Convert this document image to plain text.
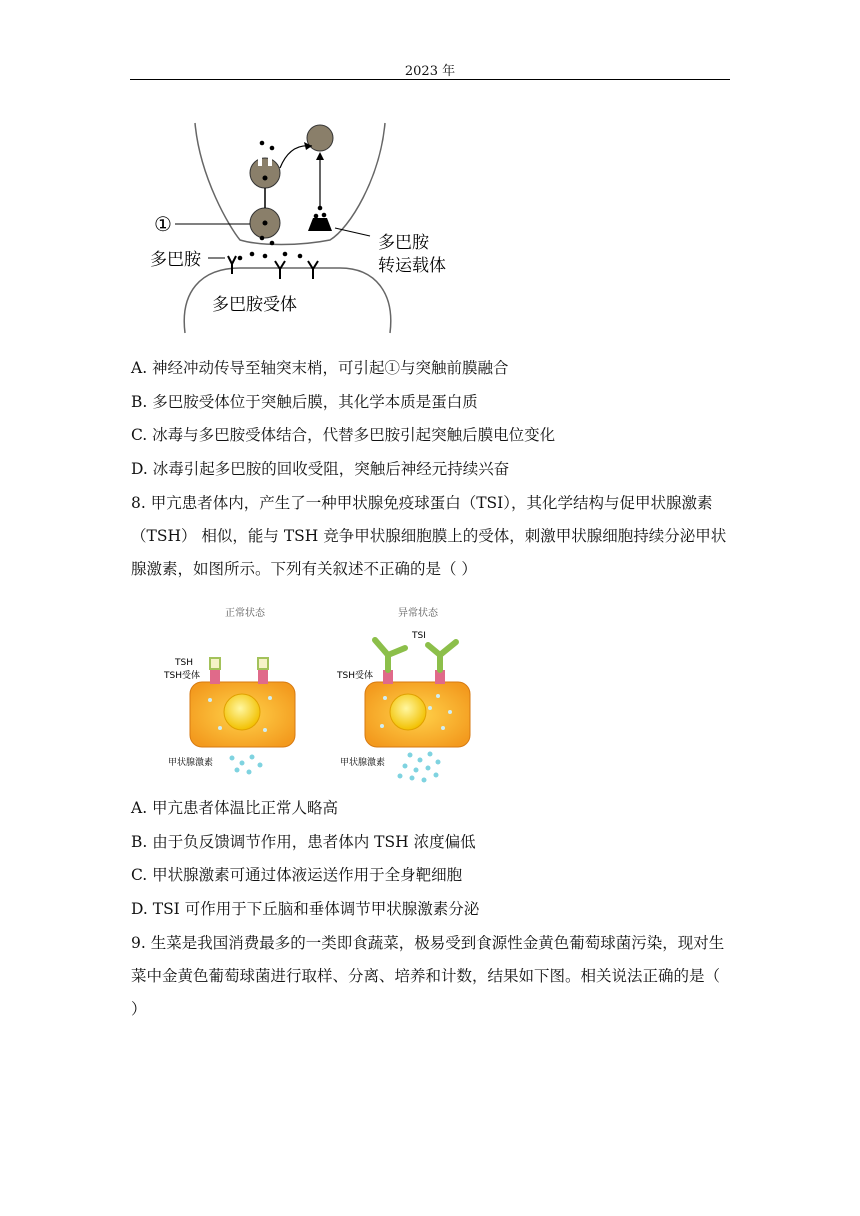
2023 年
①
多巴胺
多巴胺
转运载体
多巴胺受体
A. 神经冲动传导至轴突末梢，可引起①与突触前膜融合
B. 多巴胺受体位于突触后膜，其化学本质是蛋白质
C. 冰毒与多巴胺受体结合，代替多巴胺引起突触后膜电位变化
D. 冰毒引起多巴胺的回收受阻，突触后神经元持续兴奋
8. 甲亢患者体内，产生了一种甲状腺免疫球蛋白（TSI），其化学结构与促甲状腺激素（TSH） 相似，能与 TSH 竞争甲状腺细胞膜上的受体，刺激甲状腺细胞持续分泌甲状腺激素，如图所示。下列有关叙述不正确的是（ ）
正常状态	异常状态
TSH
TSH受体
甲状腺激素
TSI
TSH受体
甲状腺激素
A. 甲亢患者体温比正常人略高
B. 由于负反馈调节作用，患者体内 TSH 浓度偏低
C. 甲状腺激素可通过体液运送作用于全身靶细胞
D. TSI 可作用于下丘脑和垂体调节甲状腺激素分泌
9. 生菜是我国消费最多的一类即食蔬菜，极易受到食源性金黄色葡萄球菌污染，现对生菜中金黄色葡萄球菌进行取样、分离、培养和计数，结果如下图。相关说法正确的是（ ）
